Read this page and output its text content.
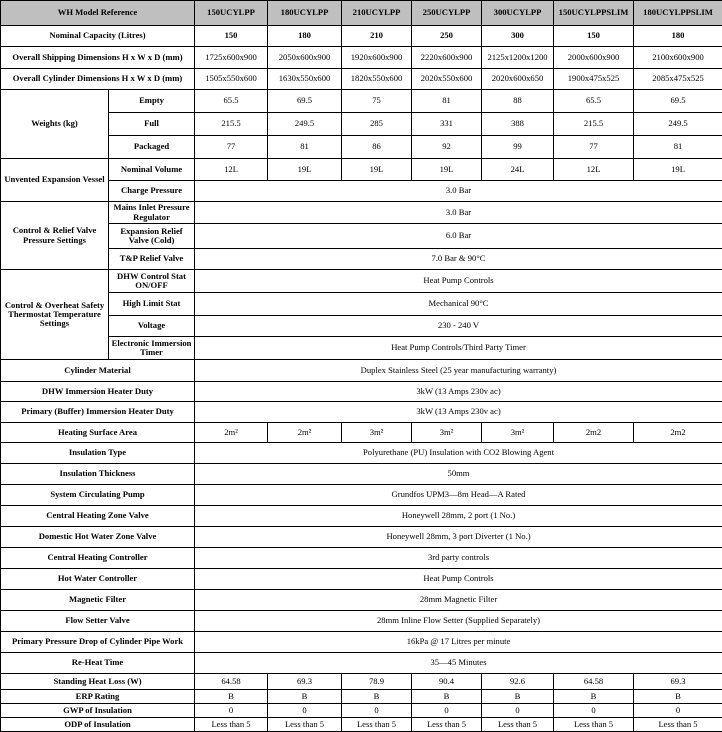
WH Model Reference		150UCYLPP	180UCYLPP	210UCYLPP	250UCYLPP	300UCYLPP	150UCYLPPSLIM	180UCYLPPSLIM
Nominal Capacity (Litres)		150	180	210	250	300	150	180
Overall Shipping Dimensions H x W x D (mm)		1725x600x900	2050x600x900	1920x600x900	2220x600x900	2125x1200x1200	2000x600x900	2100x600x900
Overall Cylinder Dimensions H x W x D (mm)		1505x550x600	1630x550x600	1820x550x600	2020x550x600	2020x600x650	1900x475x525	2085x475x525
Weights (kg)	Empty	65.5	69.5	75	81	88	65.5	69.5
	Full	215.5	249.5	285	331	388	215.5	249.5
	Packaged	77	81	86	92	99	77	81
Unvented Expansion Vessel	Nominal Volume	12L	19L	19L	19L	24L	12L	19L
	Charge Pressure	3.0 Bar						
Control & Relief Valve Pressure Settings	Mains Inlet Pressure Regulator	3.0 Bar						
	Expansion Relief Valve (Cold)	6.0 Bar						
	T&P Relief Valve	7.0 Bar & 90°C						
Control & Overheat Safety Thermostat Temperature Settings	DHW Control Stat ON/OFF	Heat Pump Controls						
	High Limit Stat	Mechanical 90°C						
	Voltage	230 - 240 V						
	Electronic Immersion Timer	Heat Pump Controls/Third Party Timer						
Cylinder Material		Duplex Stainless Steel (25 year manufacturing warranty)						
DHW Immersion Heater Duty		3kW (13 Amps 230v ac)						
Primary (Buffer) Immersion Heater Duty		3kW (13 Amps 230v ac)						
Heating Surface Area		2m²	2m²	3m²	3m²	3m²	2m2	2m2
Insulation Type		Polyurethane (PU) Insulation with CO2 Blowing Agent						
Insulation Thickness		50mm						
System Circulating Pump		Grundfos UPM3—8m Head—A Rated						
Central Heating Zone Valve		Honeywell 28mm, 2 port (1 No.)						
Domestic Hot Water Zone Valve		Honeywell 28mm, 3 port Diverter (1 No.)						
Central Heating Controller		3rd party controls						
Hot Water Controller		Heat Pump Controls						
Magnetic Filter		28mm Magnetic Filter						
Flow Setter Valve		28mm Inline Flow Setter (Supplied Separately)						
Primary Pressure Drop of Cylinder Pipe Work		16kPa @ 17 Litres per minute						
Re-Heat Time		35—45 Minutes						
Standing Heat Loss (W)		64.58	69.3	78.9	90.4	92.6	64.58	69.3
ERP Rating		B	B	B	B	B	B	B
GWP of Insulation		0	0	0	0	0	0	0
ODP of Insulation		Less than 5	Less than 5	Less than 5	Less than 5	Less than 5	Less than 5	Less than 5
